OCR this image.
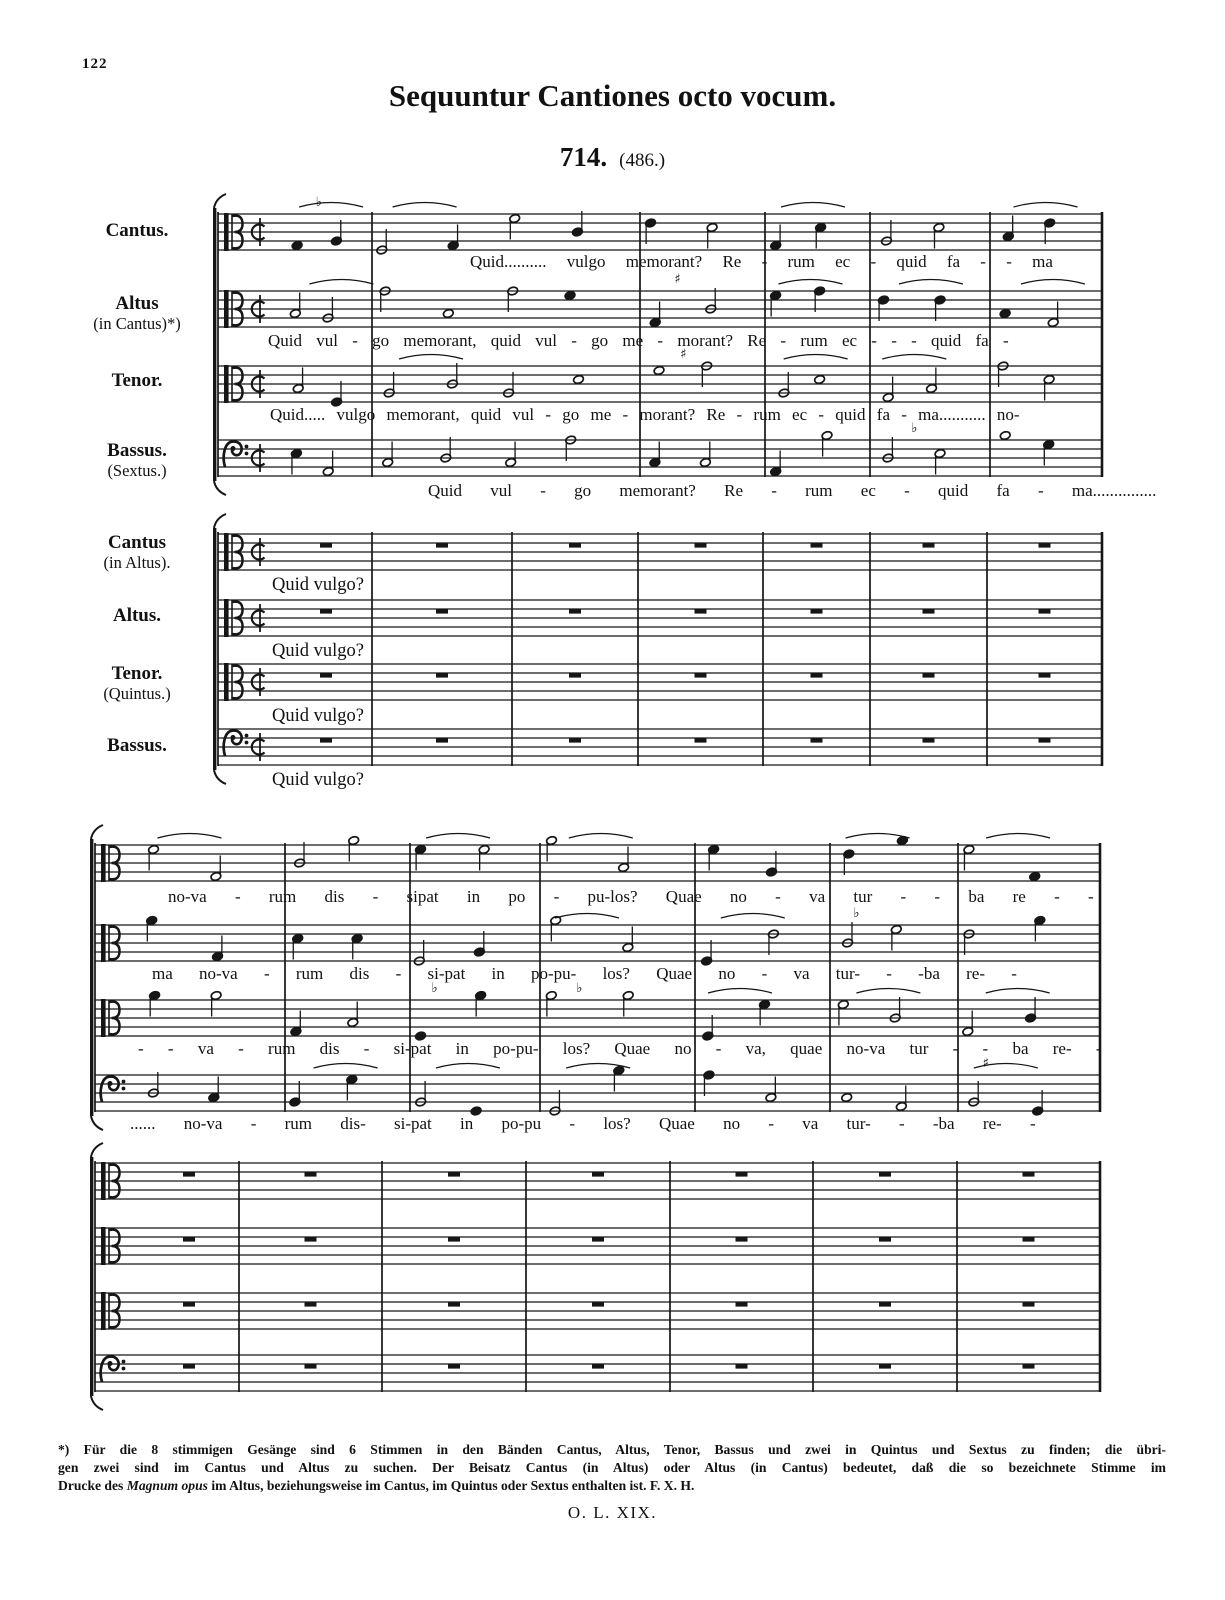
♭
♯
♯
♭
♭
♭	♭
♯
122
Sequuntur Cantiones octo vocum.
714. (486.)
Cantus.
Altus
(in Cantus)*)
Tenor.
Bassus.
(Sextus.)
Cantus
(in Altus).
Altus.
Tenor.
(Quintus.)
Bassus.
Quid.......... vulgo memorant? Re - rum ec - quid fa - - ma
Quid vul - go memorant, quid vul - go me - morant? Re - rum ec - - - quid fa -
Quid..... vulgo memorant, quid vul - go me - morant? Re - rum ec - quid fa - ma........... no-
Quid vul - go memorant? Re - rum ec - quid fa - ma...............
Quid vulgo?
Quid vulgo?
Quid vulgo?
Quid vulgo?
no-va - rum dis - sipat in po - pu-los? Quae no - va tur - - ba re - -
ma no-va - rum dis - si-pat in po-pu- los? Quae no - va tur- - -ba re- -
- - va - rum dis - si-pat in po-pu- los? Quae no - va, quae no-va tur - - ba re- -
...... no-va - rum dis- si-pat in po-pu - los? Quae no - va tur- - -ba re- -
*) Für die 8 stimmigen Gesänge sind 6 Stimmen in den Bänden Cantus, Altus, Tenor, Bassus und zwei in Quintus und Sextus zu finden; die übri-
gen zwei sind im Cantus und Altus zu suchen. Der Beisatz Cantus (in Altus) oder Altus (in Cantus) bedeutet, daß die so bezeichnete Stimme im
Drucke des Magnum opus im Altus, beziehungsweise im Cantus, im Quintus oder Sextus enthalten ist. F. X. H.
O. L. XIX.
